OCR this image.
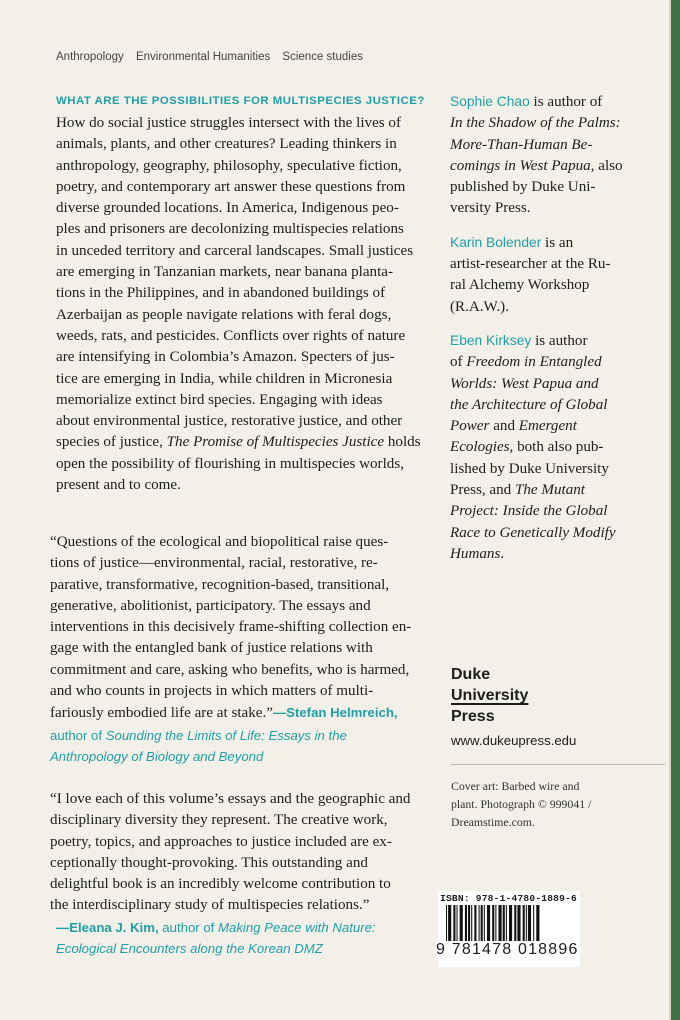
Anthropology Environmental Humanities Science studies
WHAT ARE THE POSSIBILITIES FOR MULTISPECIES JUSTICE?
How do social justice struggles intersect with the lives of
animals, plants, and other creatures? Leading thinkers in
anthropology, geography, philosophy, speculative fiction,
poetry, and contemporary art answer these questions from
diverse grounded locations. In America, Indigenous peo-
ples and prisoners are decolonizing multispecies relations
in unceded territory and carceral landscapes. Small justices
are emerging in Tanzanian markets, near banana planta-
tions in the Philippines, and in abandoned buildings of
Azerbaijan as people navigate relations with feral dogs,
weeds, rats, and pesticides. Conflicts over rights of nature
are intensifying in Colombia’s Amazon. Specters of jus-
tice are emerging in India, while children in Micronesia
memorialize extinct bird species. Engaging with ideas
about environmental justice, restorative justice, and other
species of justice, The Promise of Multispecies Justice holds
open the possibility of flourishing in multispecies worlds,
present and to come.
“Questions of the ecological and biopolitical raise ques-
tions of justice—environmental, racial, restorative, re-
parative, transformative, recognition-based, transitional,
generative, abolitionist, participatory. The essays and
interventions in this decisively frame-shifting collection en-
gage with the entangled bank of justice relations with
commitment and care, asking who benefits, who is harmed,
and who counts in projects in which matters of multi-
fariously embodied life are at stake.”—Stefan Helmreich,
author of Sounding the Limits of Life: Essays in the
Anthropology of Biology and Beyond
“I love each of this volume’s essays and the geographic and
disciplinary diversity they represent. The creative work,
poetry, topics, and approaches to justice included are ex-
ceptionally thought-provoking. This outstanding and
delightful book is an incredibly welcome contribution to
the interdisciplinary study of multispecies relations.”
—Eleana J. Kim, author of Making Peace with Nature:
Ecological Encounters along the Korean DMZ
Sophie Chao is author of
In the Shadow of the Palms:
More-Than-Human Be-
comings in West Papua, also
published by Duke Uni-
versity Press.
Karin Bolender is an
artist-researcher at the Ru-
ral Alchemy Workshop
(R.A.W.).
Eben Kirksey is author
of Freedom in Entangled
Worlds: West Papua and
the Architecture of Global
Power and Emergent
Ecologies, both also pub-
lished by Duke University
Press, and The Mutant
Project: Inside the Global
Race to Genetically Modify
Humans.
Duke
University
Press
www.dukeupress.edu
Cover art: Barbed wire and
plant. Photograph © 999041 /
Dreamstime.com.
ISBN: 978-1-4780-1889-6
9 781478 018896
